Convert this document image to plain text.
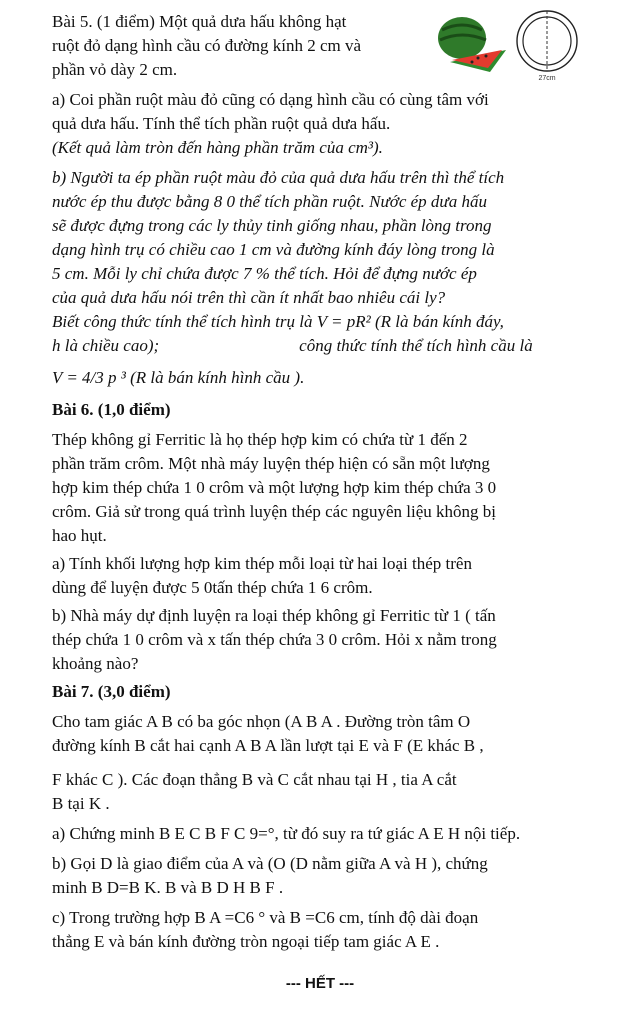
Bài 5. (1 điểm) Một quả dưa hấu không hạt

ruột đỏ dạng hình cầu có đường kính 2 cm và

phần vỏ dày 2 cm.	27cm

a) Coi phần ruột màu đỏ cũng có dạng hình cầu có cùng tâm với

quả dưa hấu. Tính thể tích phần ruột quả dưa hấu.

(Kết quả làm tròn đến hàng phần trăm của cm³).

b) Người ta ép phần ruột màu đỏ của quả dưa hấu trên thì thể tích

nước ép thu được bằng 8 0 thể tích phần ruột. Nước ép dưa hấu

sẽ được đựng trong các ly thủy tinh giống nhau, phần lòng trong

dạng hình trụ có chiều cao 1 cm và đường kính đáy lòng trong là

5 cm. Mỗi ly chỉ chứa được 7 % thể tích. Hỏi để đựng nước ép

của quả dưa hấu nói trên thì cần ít nhất bao nhiêu cái ly?

Biết công thức tính thể tích hình trụ là V = pR² (R là bán kính đáy,

h là chiều cao);	công thức tính thể tích hình cầu là

V = 4/3 p ³ (R là bán kính hình cầu ).

Bài 6. (1,0 điểm)

Thép không gỉ Ferritic là họ thép hợp kim có chứa từ 1 đến 2

phần trăm crôm. Một nhà máy luyện thép hiện có sẵn một lượng

hợp kim thép chứa 1 0 crôm và một lượng hợp kim thép chứa 3 0

crôm. Giả sử trong quá trình luyện thép các nguyên liệu không bị

hao hụt.

a) Tính khối lượng hợp kim thép mỗi loại từ hai loại thép trên

dùng để luyện được 5 0tấn thép chứa 1 6 crôm.

b) Nhà máy dự định luyện ra loại thép không gỉ Ferritic từ 1 ( tấn

thép chứa 1 0 crôm và x tấn thép chứa 3 0 crôm. Hỏi x nằm trong

khoảng nào?

Bài 7. (3,0 điểm)

Cho tam giác A B có ba góc nhọn (A B A . Đường tròn tâm O

đường kính B cắt hai cạnh A B A lần lượt tại E và F (E khác B ,

F khác C ). Các đoạn thẳng B và C cắt nhau tại H , tia A cắt

B tại K .

a) Chứng minh B E C B F C 9=°, từ đó suy ra tứ giác A E H nội tiếp.

b) Gọi D là giao điểm của A và (O (D nằm giữa A và H ), chứng

minh B D=B K. B và B D H B F .

c) Trong trường hợp B A =C6 ° và B =C6 cm, tính độ dài đoạn

thẳng E và bán kính đường tròn ngoại tiếp tam giác A E .

--- HẾT ---
